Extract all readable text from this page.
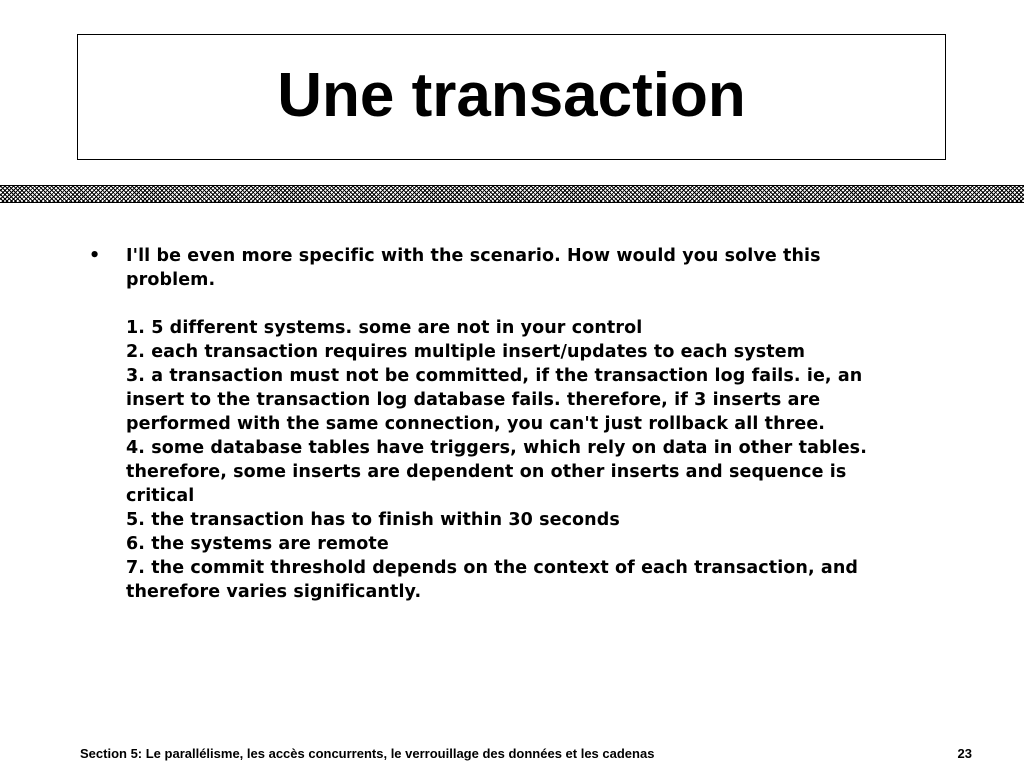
Une transaction
•	I'll be even more specific with the scenario. How would you solve this
problem.
1. 5 different systems. some are not in your control
2. each transaction requires multiple insert/updates to each system
3. a transaction must not be committed, if the transaction log fails. ie, an
insert to the transaction log database fails. therefore, if 3 inserts are
performed with the same connection, you can't just rollback all three.
4. some database tables have triggers, which rely on data in other tables.
therefore, some inserts are dependent on other inserts and sequence is
critical
5. the transaction has to finish within 30 seconds
6. the systems are remote
7. the commit threshold depends on the context of each transaction, and
therefore varies significantly.
Section 5: Le parallélisme, les accès concurrents, le verrouillage des données et les cadenas	23
